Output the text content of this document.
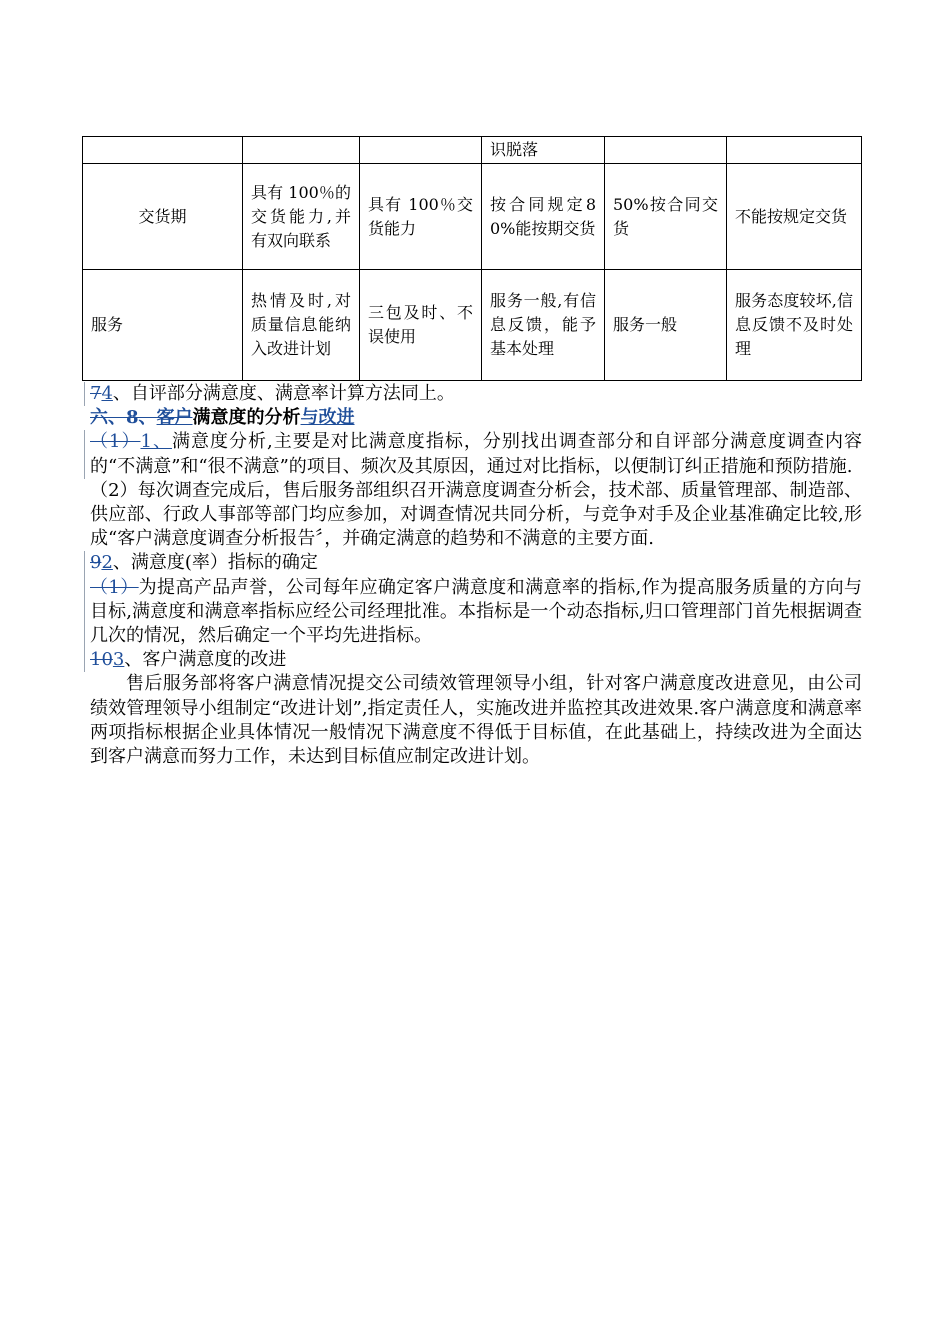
			识脱落		
交货期	具有 100％的交货能力,并有双向联系	具有 100％交货能力	按合同规定80%能按期交货	50%按合同交货	不能按规定交货
服务	热情及时,对质量信息能纳入改进计划	三包及时、不误使用	服务一般,有信息反馈，能予基本处理	服务一般	服务态度较坏,信息反馈不及时处理

74、自评部分满意度、满意率计算方法同上。

六、8、客户满意度的分析与改进

（1）1、满意度分析,主要是对比满意度指标，分别找出调查部分和自评部分满意度调查内容的“不满意”和“很不满意”的项目、频次及其原因，通过对比指标，以便制订纠正措施和预防措施.

（2）每次调查完成后，售后服务部组织召开满意度调查分析会，技术部、质量管理部、制造部、供应部、行政人事部等部门均应参加，对调查情况共同分析，与竞争对手及企业基准确定比较,形成“客户满意度调查分析报告〞，并确定满意的趋势和不满意的主要方面.

92、满意度(率）指标的确定

（1）为提高产品声誉，公司每年应确定客户满意度和满意率的指标,作为提高服务质量的方向与目标,满意度和满意率指标应经公司经理批准。本指标是一个动态指标,归口管理部门首先根据调查几次的情况，然后确定一个平均先进指标。

103、客户满意度的改进

售后服务部将客户满意情况提交公司绩效管理领导小组，针对客户满意度改进意见，由公司绩效管理领导小组制定“改进计划”,指定责任人，实施改进并监控其改进效果.客户满意度和满意率两项指标根据企业具体情况一般情况下满意度不得低于目标值，在此基础上，持续改进为全面达到客户满意而努力工作，未达到目标值应制定改进计划。
